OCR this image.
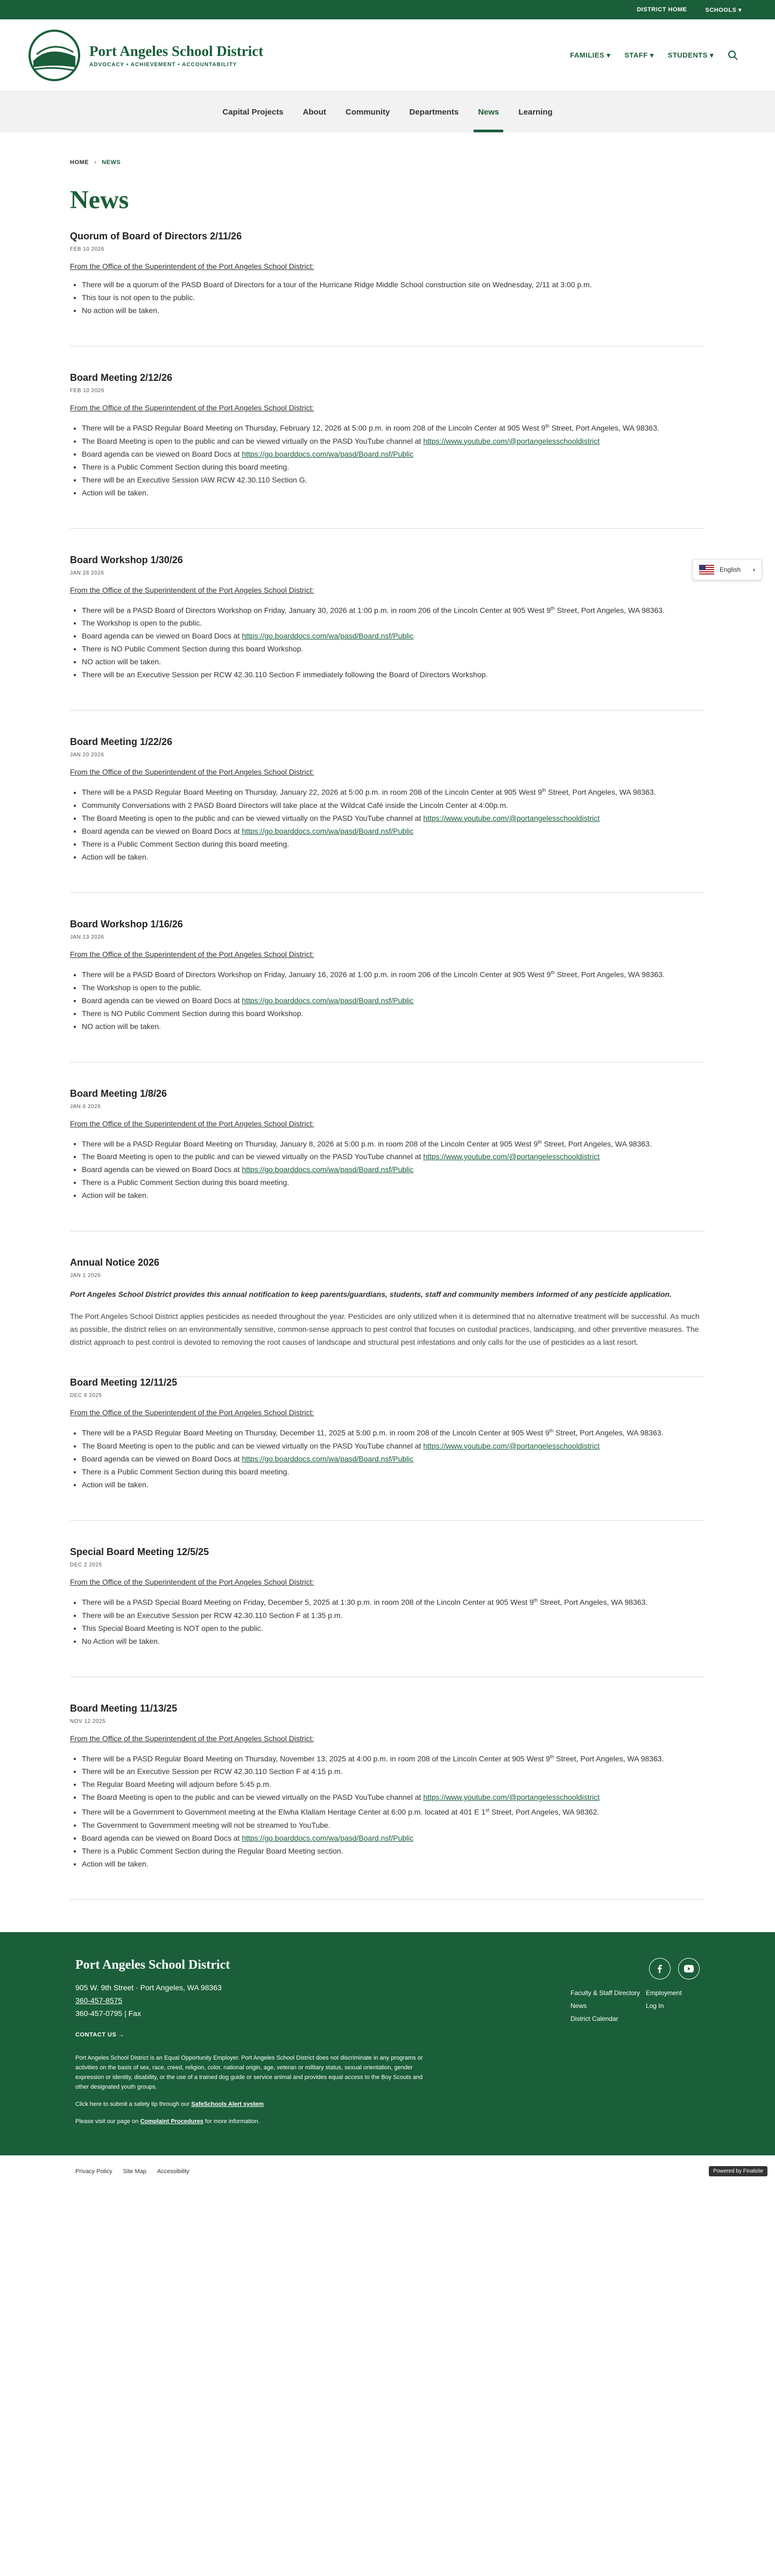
DISTRICT HOME	SCHOOLS ▾
Port Angeles School District
ADVOCACY • ACHIEVEMENT • ACCOUNTABILITY
FAMILIES ▾ STAFF ▾ STUDENTS ▾
Capital Projects	About	Community	Departments	News	Learning
HOME › NEWS
News
Quorum of Board of Directors 2/11/26
FEB 10 2026
From the Office of the Superintendent of the Port Angeles School District:
• There will be a quorum of the PASD Board of Directors for a tour of the Hurricane Ridge Middle School construction site on Wednesday, 2/11 at 3:00 p.m.
• This tour is not open to the public.
• No action will be taken.
Board Meeting 2/12/26
FEB 10 2026
From the Office of the Superintendent of the Port Angeles School District:
• There will be a PASD Regular Board Meeting on Thursday, February 12, 2026 at 5:00 p.m. in room 208 of the Lincoln Center at 905 West 9th Street, Port Angeles, WA 98363.
• The Board Meeting is open to the public and can be viewed virtually on the PASD YouTube channel at https://www.youtube.com/@portangelesschooldistrict
• Board agenda can be viewed on Board Docs at https://go.boarddocs.com/wa/pasd/Board.nsf/Public
• There is a Public Comment Section during this board meeting.
• There will be an Executive Session IAW RCW 42.30.110 Section G.
• Action will be taken.
Board Workshop 1/30/26
JAN 28 2026
From the Office of the Superintendent of the Port Angeles School District:
• There will be a PASD Board of Directors Workshop on Friday, January 30, 2026 at 1:00 p.m. in room 206 of the Lincoln Center at 905 West 9th Street, Port Angeles, WA 98363.
• The Workshop is open to the public.
• Board agenda can be viewed on Board Docs at https://go.boarddocs.com/wa/pasd/Board.nsf/Public
• There is NO Public Comment Section during this board Workshop.
• NO action will be taken.
• There will be an Executive Session per RCW 42.30.110 Section F immediately following the Board of Directors Workshop.
Board Meeting 1/22/26
JAN 20 2026
From the Office of the Superintendent of the Port Angeles School District:
• There will be a PASD Regular Board Meeting on Thursday, January 22, 2026 at 5:00 p.m. in room 208 of the Lincoln Center at 905 West 9th Street, Port Angeles, WA 98363.
• Community Conversations with 2 PASD Board Directors will take place at the Wildcat Café inside the Lincoln Center at 4:00p.m.
• The Board Meeting is open to the public and can be viewed virtually on the PASD YouTube channel at https://www.youtube.com/@portangelesschooldistrict
• Board agenda can be viewed on Board Docs at https://go.boarddocs.com/wa/pasd/Board.nsf/Public
• There is a Public Comment Section during this board meeting.
• Action will be taken.
Board Workshop 1/16/26
JAN 13 2026
From the Office of the Superintendent of the Port Angeles School District:
• There will be a PASD Board of Directors Workshop on Friday, January 16, 2026 at 1:00 p.m. in room 206 of the Lincoln Center at 905 West 9th Street, Port Angeles, WA 98363.
• The Workshop is open to the public.
• Board agenda can be viewed on Board Docs at https://go.boarddocs.com/wa/pasd/Board.nsf/Public
• There is NO Public Comment Section during this board Workshop.
• NO action will be taken.
Board Meeting 1/8/26
JAN 6 2026
From the Office of the Superintendent of the Port Angeles School District:
• There will be a PASD Regular Board Meeting on Thursday, January 8, 2026 at 5:00 p.m. in room 208 of the Lincoln Center at 905 West 9th Street, Port Angeles, WA 98363.
• The Board Meeting is open to the public and can be viewed virtually on the PASD YouTube channel at https://www.youtube.com/@portangelesschooldistrict
• Board agenda can be viewed on Board Docs at https://go.boarddocs.com/wa/pasd/Board.nsf/Public
• There is a Public Comment Section during this board meeting.
• Action will be taken.
Annual Notice 2026
JAN 1 2026
Port Angeles School District provides this annual notification to keep parents/guardians, students, staff and community members informed of any pesticide application.

The Port Angeles School District applies pesticides as needed throughout the year. Pesticides are only utilized when it is determined that no alternative treatment will be successful. As much as possible, the district relies on an environmentally sensitive, common-sense approach to pest control that focuses on custodial practices, landscaping, and other preventive measures. The district approach to pest control is devoted to removing the root causes of landscape and structural pest infestations and only calls for the use of pesticides as a last resort.

Board Meeting 12/11/25
DEC 8 2025
From the Office of the Superintendent of the Port Angeles School District:
• There will be a PASD Regular Board Meeting on Thursday, December 11, 2025 at 5:00 p.m. in room 208 of the Lincoln Center at 905 West 9th Street, Port Angeles, WA 98363.
• The Board Meeting is open to the public and can be viewed virtually on the PASD YouTube channel at https://www.youtube.com/@portangelesschooldistrict
• Board agenda can be viewed on Board Docs at https://go.boarddocs.com/wa/pasd/Board.nsf/Public
• There is a Public Comment Section during this board meeting.
• Action will be taken.
Special Board Meeting 12/5/25
DEC 2 2025
From the Office of the Superintendent of the Port Angeles School District:
• There will be a PASD Special Board Meeting on Friday, December 5, 2025 at 1:30 p.m. in room 208 of the Lincoln Center at 905 West 9th Street, Port Angeles, WA 98363.
• There will be an Executive Session per RCW 42.30.110 Section F at 1:35 p.m.
• This Special Board Meeting is NOT open to the public.
• No Action will be taken.
Board Meeting 11/13/25
NOV 12 2025
From the Office of the Superintendent of the Port Angeles School District:
• There will be a PASD Regular Board Meeting on Thursday, November 13, 2025 at 4:00 p.m. in room 208 of the Lincoln Center at 905 West 9th Street, Port Angeles, WA 98363.
• There will be an Executive Session per RCW 42.30.110 Section F at 4:15 p.m.
• The Regular Board Meeting will adjourn before 5:45 p.m.
• The Board Meeting is open to the public and can be viewed virtually on the PASD YouTube channel at https://www.youtube.com/@portangelesschooldistrict
• There will be a Government to Government meeting at the Elwha Klallam Heritage Center at 6:00 p.m. located at 401 E 1st Street, Port Angeles, WA 98362.
• The Government to Government meeting will not be streamed to YouTube.
• Board agenda can be viewed on Board Docs at https://go.boarddocs.com/wa/pasd/Board.nsf/Public
• There is a Public Comment Section during the Regular Board Meeting section.
• Action will be taken.
English ›
Port Angeles School District
905 W. 9th Street · Port Angeles, WA 98363
360-457-8575
360-457-0795 | Fax
CONTACT US →
Faculty & Staff Directory Employment
News	Log In
District Calendar

Port Angeles School District is an Equal Opportunity Employer. Port Angeles School District does not discriminate in any programs or activities on the basis of sex, race, creed, religion, color, national origin, age, veteran or military status, sexual orientation, gender expression or identity, disability, or the use of a trained dog guide or service animal and provides equal access to the Boy Scouts and other designated youth groups.

Click here to submit a safety tip through our SafeSchools Alert system

Please visit our page on Complaint Procedures for more information.

Privacy Policy Site Map Accessibility	Powered by Finalsite
